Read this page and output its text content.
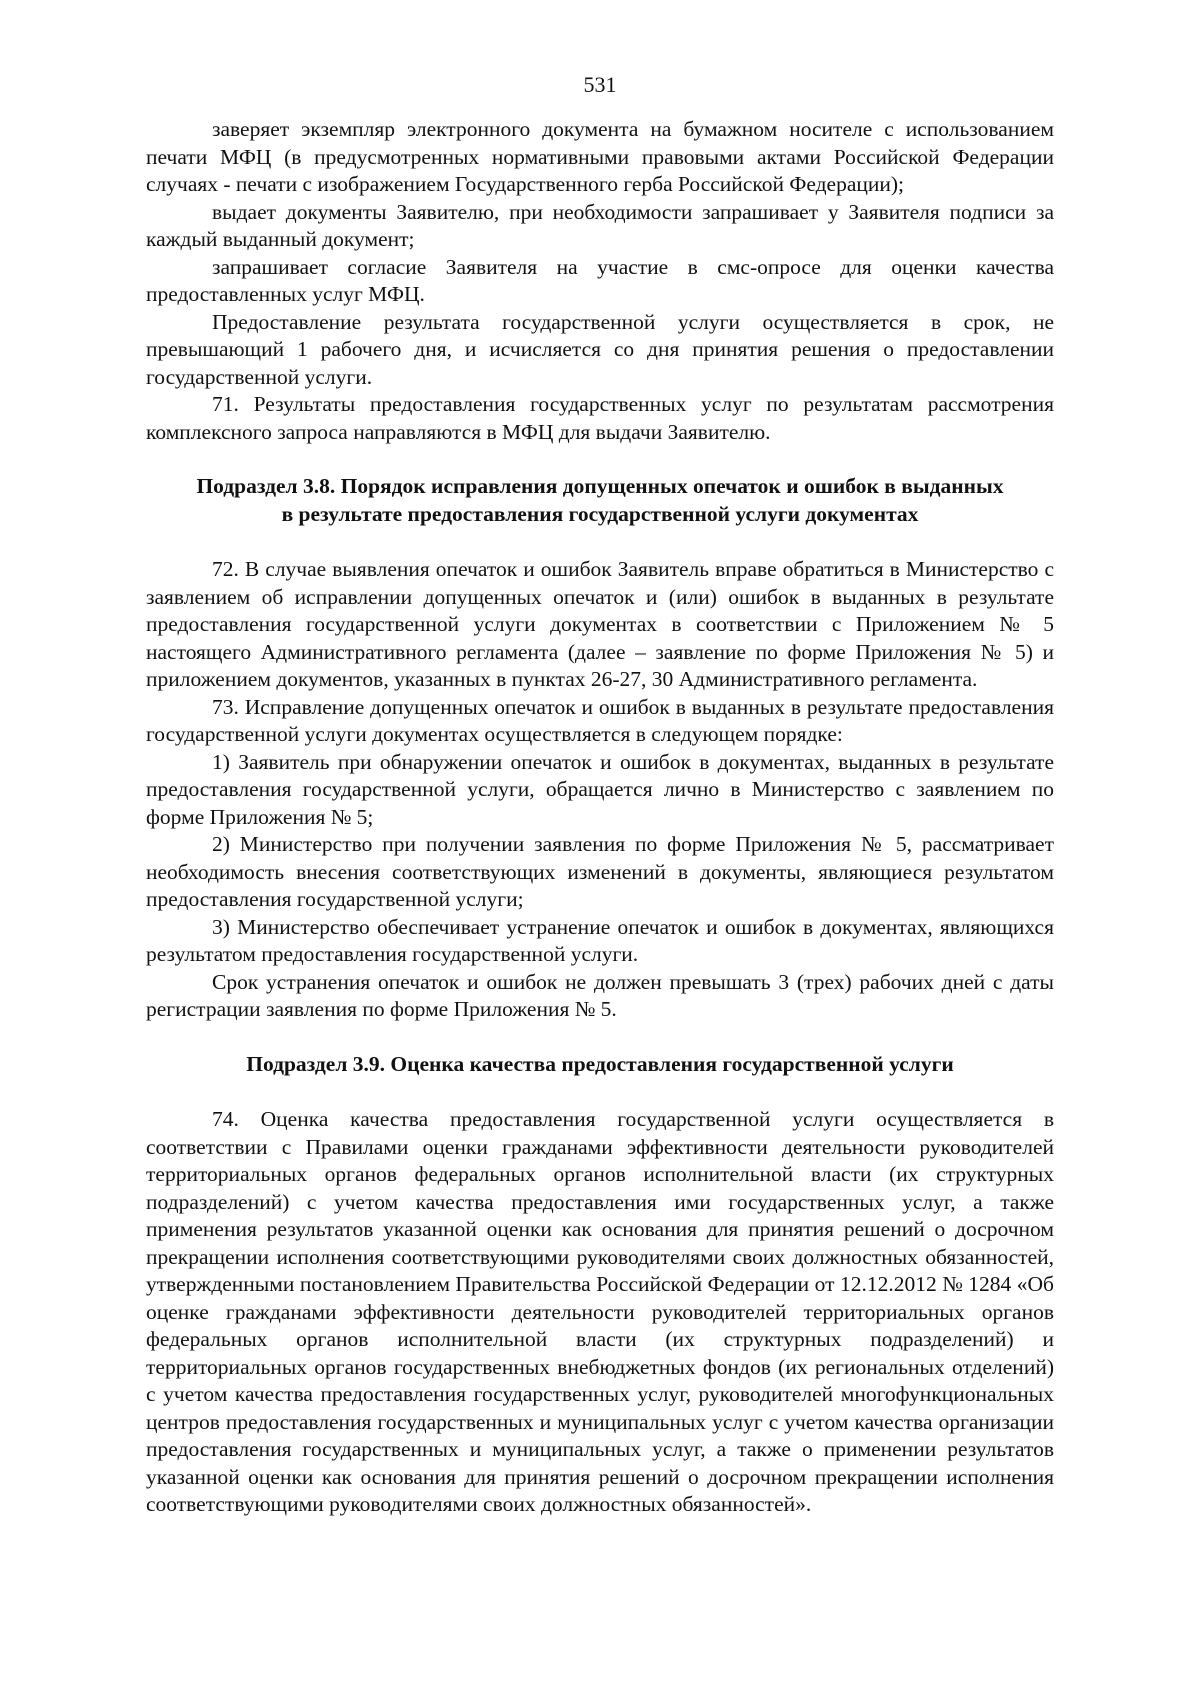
531

заверяет экземпляр электронного документа на бумажном носителе с использованием печати МФЦ (в предусмотренных нормативными правовыми актами Российской Федерации случаях - печати с изображением Государственного герба Российской Федерации);

выдает документы Заявителю, при необходимости запрашивает у Заявителя подписи за каждый выданный документ;

запрашивает согласие Заявителя на участие в смс-опросе для оценки качества предоставленных услуг МФЦ.

Предоставление результата государственной услуги осуществляется в срок, не превышающий 1 рабочего дня, и исчисляется со дня принятия решения о предоставлении государственной услуги.

71. Результаты предоставления государственных услуг по результатам рассмотрения комплексного запроса направляются в МФЦ для выдачи Заявителю.

Подраздел 3.8. Порядок исправления допущенных опечаток и ошибок в выданных
в результате предоставления государственной услуги документах

72. В случае выявления опечаток и ошибок Заявитель вправе обратиться в Министерство с заявлением об исправлении допущенных опечаток и (или) ошибок в выданных в результате предоставления государственной услуги документах в соответствии с Приложением № 5 настоящего Административного регламента (далее – заявление по форме Приложения № 5) и приложением документов, указанных в пунктах 26-27, 30 Административного регламента.

73. Исправление допущенных опечаток и ошибок в выданных в результате предоставления государственной услуги документах осуществляется в следующем порядке:

1) Заявитель при обнаружении опечаток и ошибок в документах, выданных в результате предоставления государственной услуги, обращается лично в Министерство с заявлением по форме Приложения № 5;

2) Министерство при получении заявления по форме Приложения № 5, рассматривает необходимость внесения соответствующих изменений в документы, являющиеся результатом предоставления государственной услуги;

3) Министерство обеспечивает устранение опечаток и ошибок в документах, являющихся результатом предоставления государственной услуги.

Срок устранения опечаток и ошибок не должен превышать 3 (трех) рабочих дней с даты регистрации заявления по форме Приложения № 5.

Подраздел 3.9. Оценка качества предоставления государственной услуги

74. Оценка качества предоставления государственной услуги осуществляется в соответствии с Правилами оценки гражданами эффективности деятельности руководителей территориальных органов федеральных органов исполнительной власти (их структурных подразделений) с учетом качества предоставления ими государственных услуг, а также применения результатов указанной оценки как основания для принятия решений о досрочном прекращении исполнения соответствующими руководителями своих должностных обязанностей, утвержденными постановлением Правительства Российской Федерации от 12.12.2012 № 1284 «Об оценке гражданами эффективности деятельности руководителей территориальных органов федеральных органов исполнительной власти (их структурных подразделений) и территориальных органов государственных внебюджетных фондов (их региональных отделений) с учетом качества предоставления государственных услуг, руководителей многофункциональных центров предоставления государственных и муниципальных услуг с учетом качества организации предоставления государственных и муниципальных услуг, а также о применении результатов указанной оценки как основания для принятия решений о досрочном прекращении исполнения соответствующими руководителями своих должностных обязанностей».
